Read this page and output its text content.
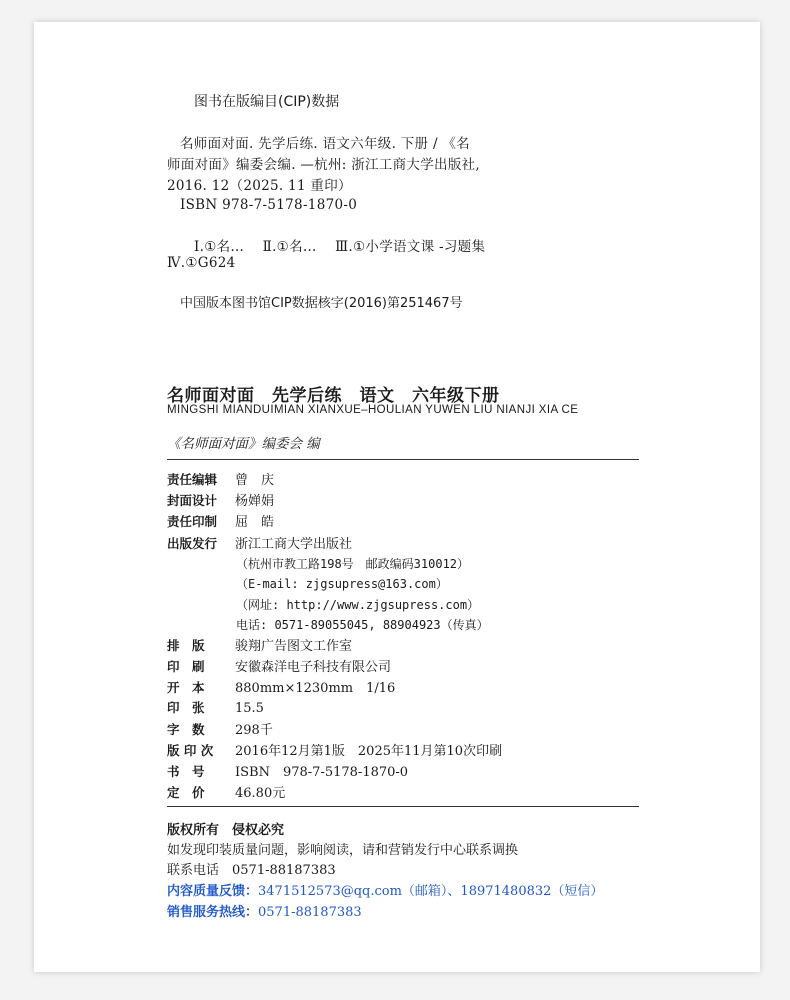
图书在版编目(CIP)数据
名师面对面. 先学后练. 语文六年级. 下册 / 《名
师面对面》编委会编. —杭州: 浙江工商大学出版社,
2016. 12（2025. 11 重印）
ISBN 978-7-5178-1870-0
Ⅰ.①名…　 Ⅱ.①名…　 Ⅲ.①小学语文课 -习题集
Ⅳ.①G624
中国版本图书馆CIP数据核字(2016)第251467号
名师面对面　先学后练　语文　六年级下册
MINGSHI MIANDUIMIAN XIANXUE–HOULIAN YUWEN LIU NIANJI XIA CE
《名师面对面》编委会 编
责任编辑 曾　庆
封面设计 杨婵娟
责任印制 屈　皓
出版发行 浙江工商大学出版社
（杭州市教工路198号　邮政编码310012）
（E-mail: zjgsupress@163.com）
（网址: http://www.zjgsupress.com）
电话: 0571-89055045, 88904923（传真）
排　版 骏翔广告图文工作室
印　刷 安徽森洋电子科技有限公司
开　本 880mm×1230mm　1/16
印　张 15.5
字　数 298千
版 印 次 2016年12月第1版　2025年11月第10次印刷
书　号 ISBN　978-7-5178-1870-0
定　价 46.80元
版权所有　侵权必究
如发现印装质量问题，影响阅读，请和营销发行中心联系调换
联系电话　0571-88187383
内容质量反馈：3471512573@qq.com（邮箱）、18971480832（短信）
销售服务热线：0571-88187383
